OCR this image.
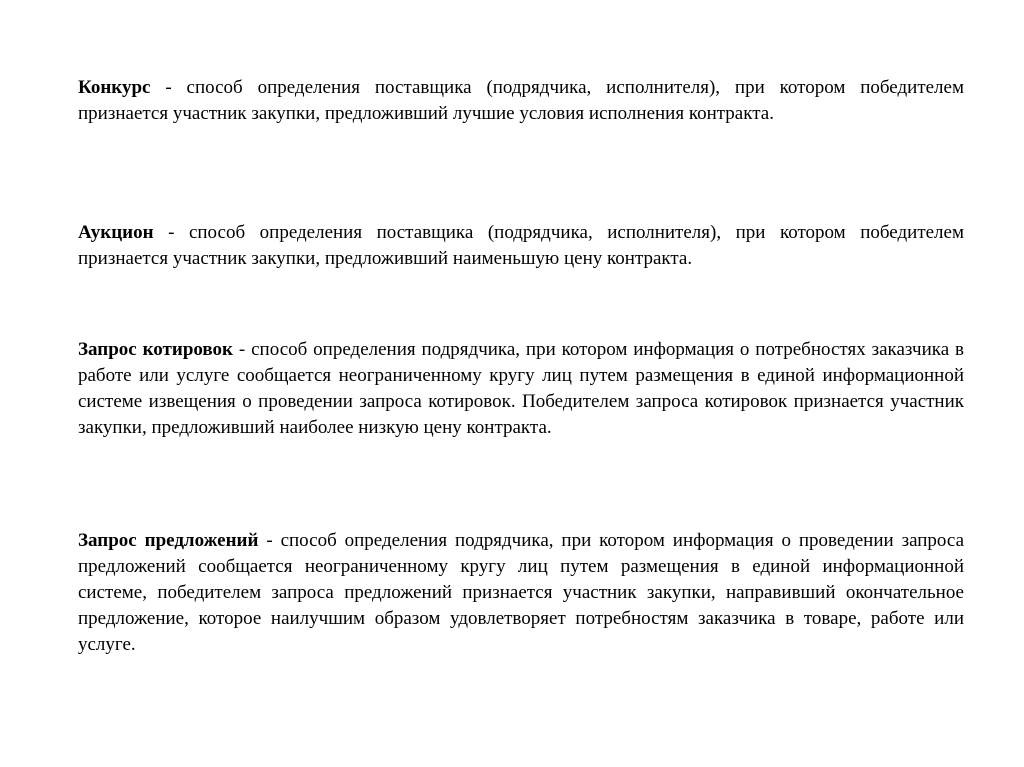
Конкурс - способ определения поставщика (подрядчика, исполнителя), при котором победителем признается участник закупки, предложивший лучшие условия исполнения контракта.

Аукцион - способ определения поставщика (подрядчика, исполнителя), при котором победителем признается участник закупки, предложивший наименьшую цену контракта.

Запрос котировок - способ определения подрядчика, при котором информация о потребностях заказчика в работе или услуге сообщается неограниченному кругу лиц путем размещения в единой информационной системе извещения о проведении запроса котировок. Победителем запроса котировок признается участник закупки, предложивший наиболее низкую цену контракта.

Запрос предложений - способ определения подрядчика, при котором информация о проведении запроса предложений сообщается неограниченному кругу лиц путем размещения в единой информационной системе, победителем запроса предложений признается участник закупки, направивший окончательное предложение, которое наилучшим образом удовлетворяет потребностям заказчика в товаре, работе или услуге.
